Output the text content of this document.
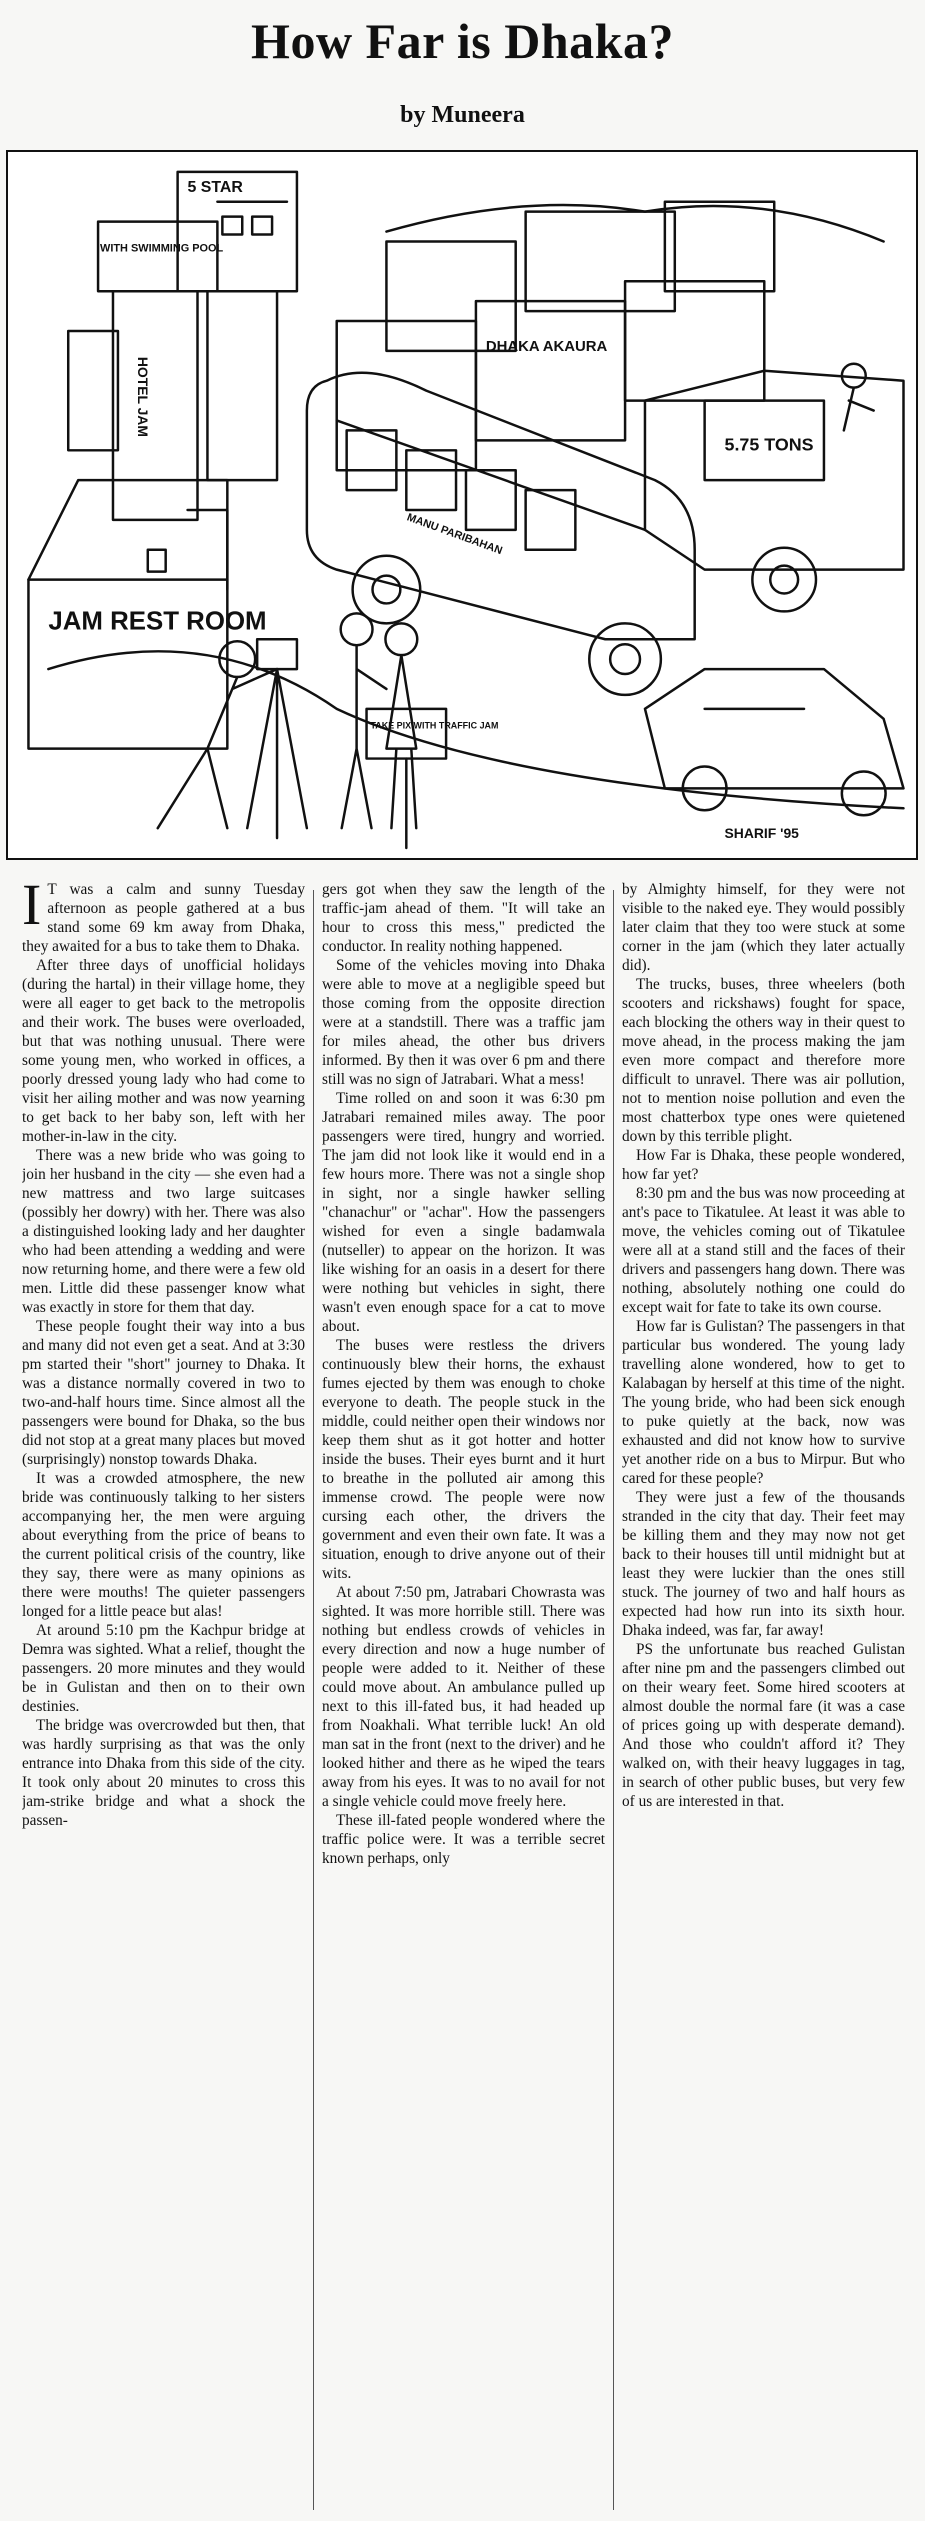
How Far is Dhaka?
by Muneera
5 STAR
WITH SWIMMING POOL
HOTEL JAM
DHAKA AKAURA
MANU PARIBAHAN
5.75 TONS
TAKE PIX WITH TRAFFIC JAM
SHARIF '95
JAM REST ROOM

I T was a calm and sunny Tuesday afternoon as people gathered at a bus stand some 69 km away from Dhaka, they awaited for a bus to take them to Dhaka.

After three days of unofficial holidays (during the hartal) in their village home, they were all eager to get back to the metropolis and their work. The buses were overloaded, but that was nothing unusual. There were some young men, who worked in offices, a poorly dressed young lady who had come to visit her ailing mother and was now yearning to get back to her baby son, left with her mother-in-law in the city.

There was a new bride who was going to join her husband in the city — she even had a new mattress and two large suitcases (possibly her dowry) with her. There was also a distinguished looking lady and her daughter who had been attending a wedding and were now returning home, and there were a few old men. Little did these passenger know what was exactly in store for them that day.

These people fought their way into a bus and many did not even get a seat. And at 3:30 pm started their "short" journey to Dhaka. It was a distance normally covered in two to two-and-half hours time. Since almost all the passengers were bound for Dhaka, so the bus did not stop at a great many places but moved (surprisingly) nonstop towards Dhaka.

It was a crowded atmosphere, the new bride was continuously talking to her sisters accompanying her, the men were arguing about everything from the price of beans to the current political crisis of the country, like they say, there were as many opinions as there were mouths! The quieter passengers longed for a little peace but alas!

At around 5:10 pm the Kachpur bridge at Demra was sighted. What a relief, thought the passengers. 20 more minutes and they would be in Gulistan and then on to their own destinies.

The bridge was overcrowded but then, that was hardly surprising as that was the only entrance into Dhaka from this side of the city. It took only about 20 minutes to cross this jam-strike bridge and what a shock the passen-

gers got when they saw the length of the traffic-jam ahead of them. "It will take an hour to cross this mess," predicted the conductor. In reality nothing happened.

Some of the vehicles moving into Dhaka were able to move at a negligible speed but those coming from the opposite direction were at a standstill. There was a traffic jam for miles ahead, the other bus drivers informed. By then it was over 6 pm and there still was no sign of Jatrabari. What a mess!

Time rolled on and soon it was 6:30 pm Jatrabari remained miles away. The poor passengers were tired, hungry and worried. The jam did not look like it would end in a few hours more. There was not a single shop in sight, nor a single hawker selling "chanachur" or "achar". How the passengers wished for even a single badamwala (nutseller) to appear on the horizon. It was like wishing for an oasis in a desert for there were nothing but vehicles in sight, there wasn't even enough space for a cat to move about.

The buses were restless the drivers continuously blew their horns, the exhaust fumes ejected by them was enough to choke everyone to death. The people stuck in the middle, could neither open their windows nor keep them shut as it got hotter and hotter inside the buses. Their eyes burnt and it hurt to breathe in the polluted air among this immense crowd. The people were now cursing each other, the drivers the government and even their own fate. It was a situation, enough to drive anyone out of their wits.

At about 7:50 pm, Jatrabari Chowrasta was sighted. It was more horrible still. There was nothing but endless crowds of vehicles in every direction and now a huge number of people were added to it. Neither of these could move about. An ambulance pulled up next to this ill-fated bus, it had headed up from Noakhali. What terrible luck! An old man sat in the front (next to the driver) and he looked hither and there as he wiped the tears away from his eyes. It was to no avail for not a single vehicle could move freely here.

These ill-fated people wondered where the traffic police were. It was a terrible secret known perhaps, only

by Almighty himself, for they were not visible to the naked eye. They would possibly later claim that they too were stuck at some corner in the jam (which they later actually did).

The trucks, buses, three wheelers (both scooters and rickshaws) fought for space, each blocking the others way in their quest to move ahead, in the process making the jam even more compact and therefore more difficult to unravel. There was air pollution, not to mention noise pollution and even the most chatterbox type ones were quietened down by this terrible plight.

How Far is Dhaka, these people wondered, how far yet?

8:30 pm and the bus was now proceeding at ant's pace to Tikatulee. At least it was able to move, the vehicles coming out of Tikatulee were all at a stand still and the faces of their drivers and passengers hang down. There was nothing, absolutely nothing one could do except wait for fate to take its own course.

How far is Gulistan? The passengers in that particular bus wondered. The young lady travelling alone wondered, how to get to Kalabagan by herself at this time of the night. The young bride, who had been sick enough to puke quietly at the back, now was exhausted and did not know how to survive yet another ride on a bus to Mirpur. But who cared for these people?

They were just a few of the thousands stranded in the city that day. Their feet may be killing them and they may now not get back to their houses till until midnight but at least they were luckier than the ones still stuck. The journey of two and half hours as expected had how run into its sixth hour. Dhaka indeed, was far, far away!

PS the unfortunate bus reached Gulistan after nine pm and the passengers climbed out on their weary feet. Some hired scooters at almost double the normal fare (it was a case of prices going up with desperate demand). And those who couldn't afford it? They walked on, with their heavy luggages in tag, in search of other public buses, but very few of us are interested in that.
